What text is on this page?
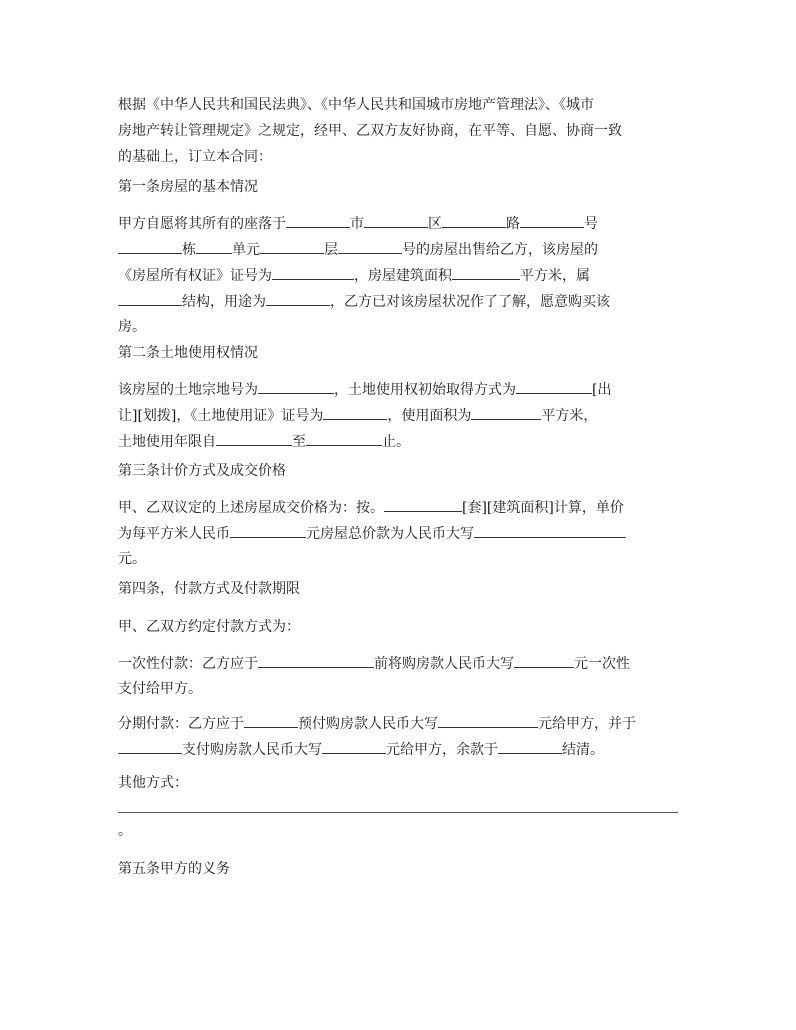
根据《中华人民共和国民法典》、《中华人民共和国城市房地产管理法》、《城市
房地产转让管理规定》之规定，经甲、乙双方友好协商，在平等、自愿、协商一致
的基础上，订立本合同：
第一条房屋的基本情况
甲方自愿将其所有的座落于	市	区	路	号
栋	单元	层	号的房屋出售给乙方，该房屋的
《房屋所有权证》证号为	，房屋建筑面积	平方米，属
结构，用途为	，乙方已对该房屋状况作了了解，愿意购买该
房。
第二条土地使用权情况
该房屋的土地宗地号为	，土地使用权初始取得方式为	[出
让][划拨]，《土地使用证》证号为	，使用面积为	平方米，
土地使用年限自	至	止。
第三条计价方式及成交价格
甲、乙双议定的上述房屋成交价格为：按。	[套][建筑面积]计算，单价
为每平方米人民币	元房屋总价款为人民币大写
元。
第四条，付款方式及付款期限
甲、乙双方约定付款方式为：
一次性付款：乙方应于	前将购房款人民币大写	元一次性
支付给甲方。
分期付款：乙方应于	预付购房款人民币大写	元给甲方，并于
支付购房款人民币大写	元给甲方，余款于	结清。
其他方式：
。
第五条甲方的义务
